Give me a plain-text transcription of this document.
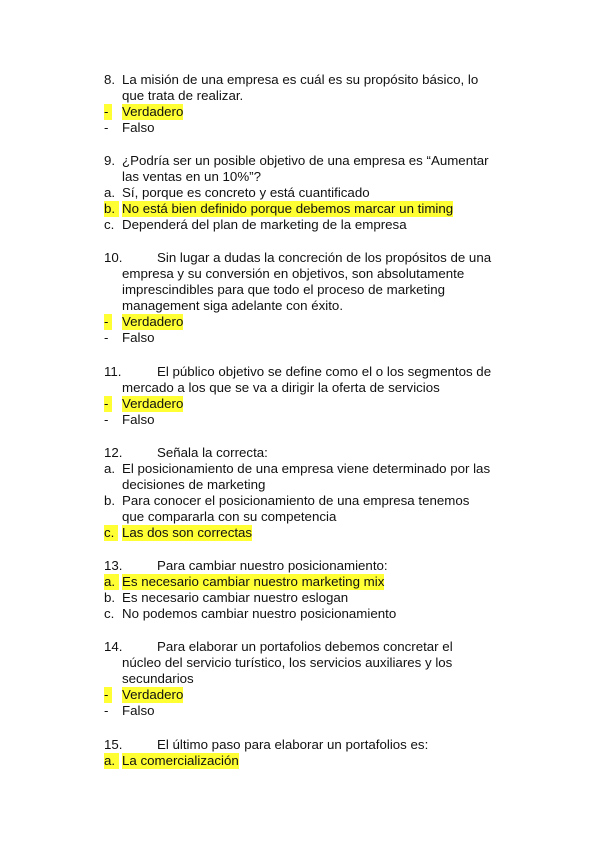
8. La misión de una empresa es cuál es su propósito básico, lo
que trata de realizar.
-	Verdadero
- Falso
9. ¿Podría ser un posible objetivo de una empresa es “Aumentar
las ventas en un 10%”?
a. Sí, porque es concreto y está cuantificado
b. No está bien definido porque debemos marcar un timing
c. Dependerá del plan de marketing de la empresa
10.	Sin lugar a dudas la concreción de los propósitos de una
empresa y su conversión en objetivos, son absolutamente
imprescindibles para que todo el proceso de marketing
management siga adelante con éxito.
-	Verdadero
- Falso
11.	El público objetivo se define como el o los segmentos de
mercado a los que se va a dirigir la oferta de servicios
-	Verdadero
- Falso
12.	Señala la correcta:
a. El posicionamiento de una empresa viene determinado por las
decisiones de marketing
b. Para conocer el posicionamiento de una empresa tenemos
que compararla con su competencia
c. Las dos son correctas
13.	Para cambiar nuestro posicionamiento:
a. Es necesario cambiar nuestro marketing mix
b. Es necesario cambiar nuestro eslogan
c. No podemos cambiar nuestro posicionamiento
14.	Para elaborar un portafolios debemos concretar el
núcleo del servicio turístico, los servicios auxiliares y los
secundarios
-	Verdadero
- Falso
15.	El último paso para elaborar un portafolios es:
a. La comercialización
